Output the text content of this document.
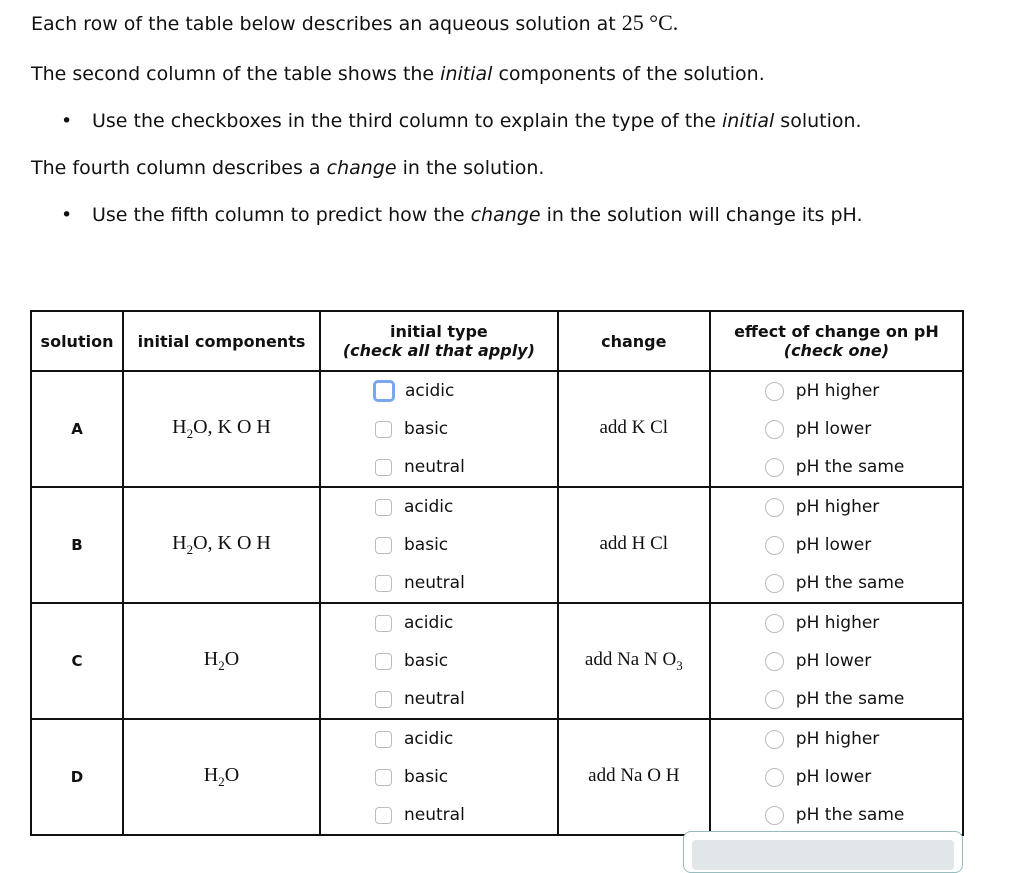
Each row of the table below describes an aqueous solution at 25 °C.

The second column of the table shows the initial components of the solution.

• Use the checkboxes in the third column to explain the type of the initial solution.

The fourth column describes a change in the solution.

• Use the fifth column to predict how the change in the solution will change its pH.

solution	initial components	initial type
(check all that apply)	change	effect of change on pH
(check one)
A	$H_2O$, K O H	acidic
basic
neutral	add K Cl	pH higher
pH lower
pH the same

B	$H_2O$, K O H	acidic
basic
neutral	add H Cl	pH higher
pH lower
pH the same

C	$H_2O$	acidic
basic
neutral	add Na N $O_3$	pH higher
pH lower
pH the same

D	$H_2O$	acidic
basic
neutral	add Na O H	pH higher
pH lower
pH the same
